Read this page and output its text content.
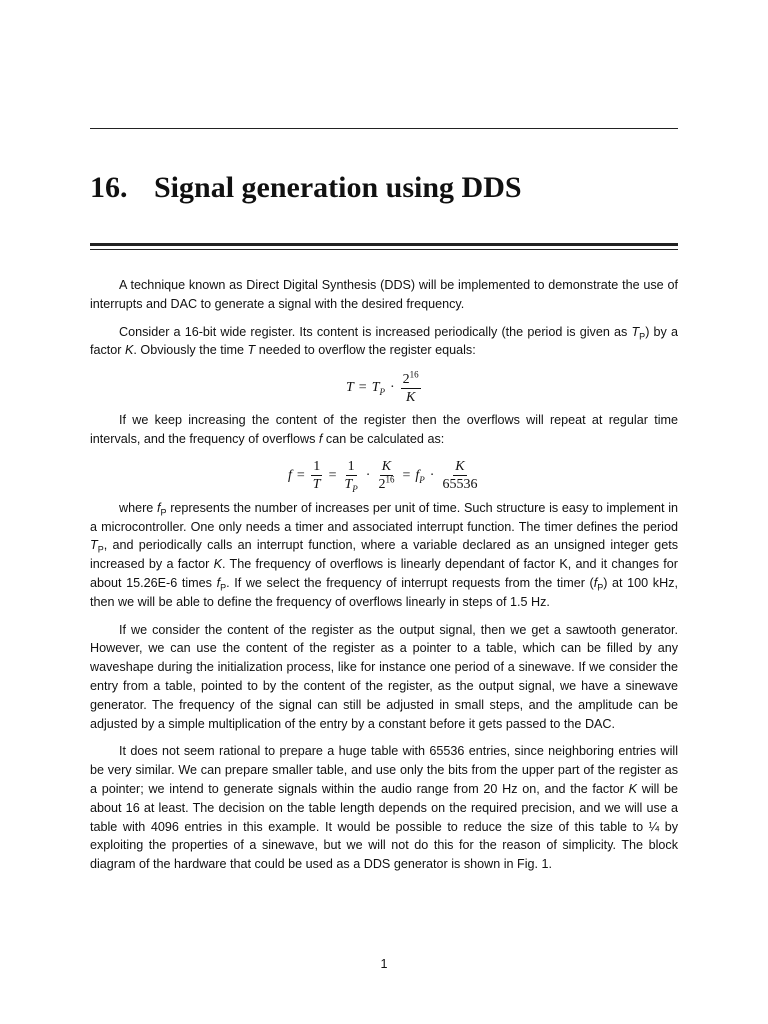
16. Signal generation using DDS

A technique known as Direct Digital Synthesis (DDS) will be implemented to demonstrate the use of interrupts and DAC to generate a signal with the desired frequency.

Consider a 16-bit wide register. Its content is increased periodically (the period is given as $T_P$) by a factor K. Obviously the time T needed to overflow the register equals:

$T = T_P \cdot \frac{2^{16}}{K}$

If we keep increasing the content of the register then the overflows will repeat at regular time intervals, and the frequency of overflows f can be calculated as:

$f = \frac{1}{T} = \frac{1}{T_P} \cdot \frac{K}{2^{16}} = f_P \cdot \frac{K}{65536}$

where $f_P$ represents the number of increases per unit of time. Such structure is easy to implement in a microcontroller. One only needs a timer and associated interrupt function. The timer defines the period $T_P$, and periodically calls an interrupt function, where a variable declared as an unsigned integer gets increased by a factor K. The frequency of overflows is linearly dependant of factor K, and it changes for about 15.26E-6 times $f_P$. If we select the frequency of interrupt requests from the timer $(f_P)$ at 100 kHz, then we will be able to define the frequency of overflows linearly in steps of 1.5 Hz.

If we consider the content of the register as the output signal, then we get a sawtooth generator. However, we can use the content of the register as a pointer to a table, which can be filled by any waveshape during the initialization process, like for instance one period of a sinewave. If we consider the entry from a table, pointed to by the content of the register, as the output signal, we have a sinewave generator. The frequency of the signal can still be adjusted in small steps, and the amplitude can be adjusted by a simple multiplication of the entry by a constant before it gets passed to the DAC.

It does not seem rational to prepare a huge table with 65536 entries, since neighboring entries will be very similar. We can prepare smaller table, and use only the bits from the upper part of the register as a pointer; we intend to generate signals within the audio range from 20 Hz on, and the factor K will be about 16 at least. The decision on the table length depends on the required precision, and we will use a table with 4096 entries in this example. It would be possible to reduce the size of this table to ¼ by exploiting the properties of a sinewave, but we will not do this for the reason of simplicity. The block diagram of the hardware that could be used as a DDS generator is shown in Fig. 1.

1
